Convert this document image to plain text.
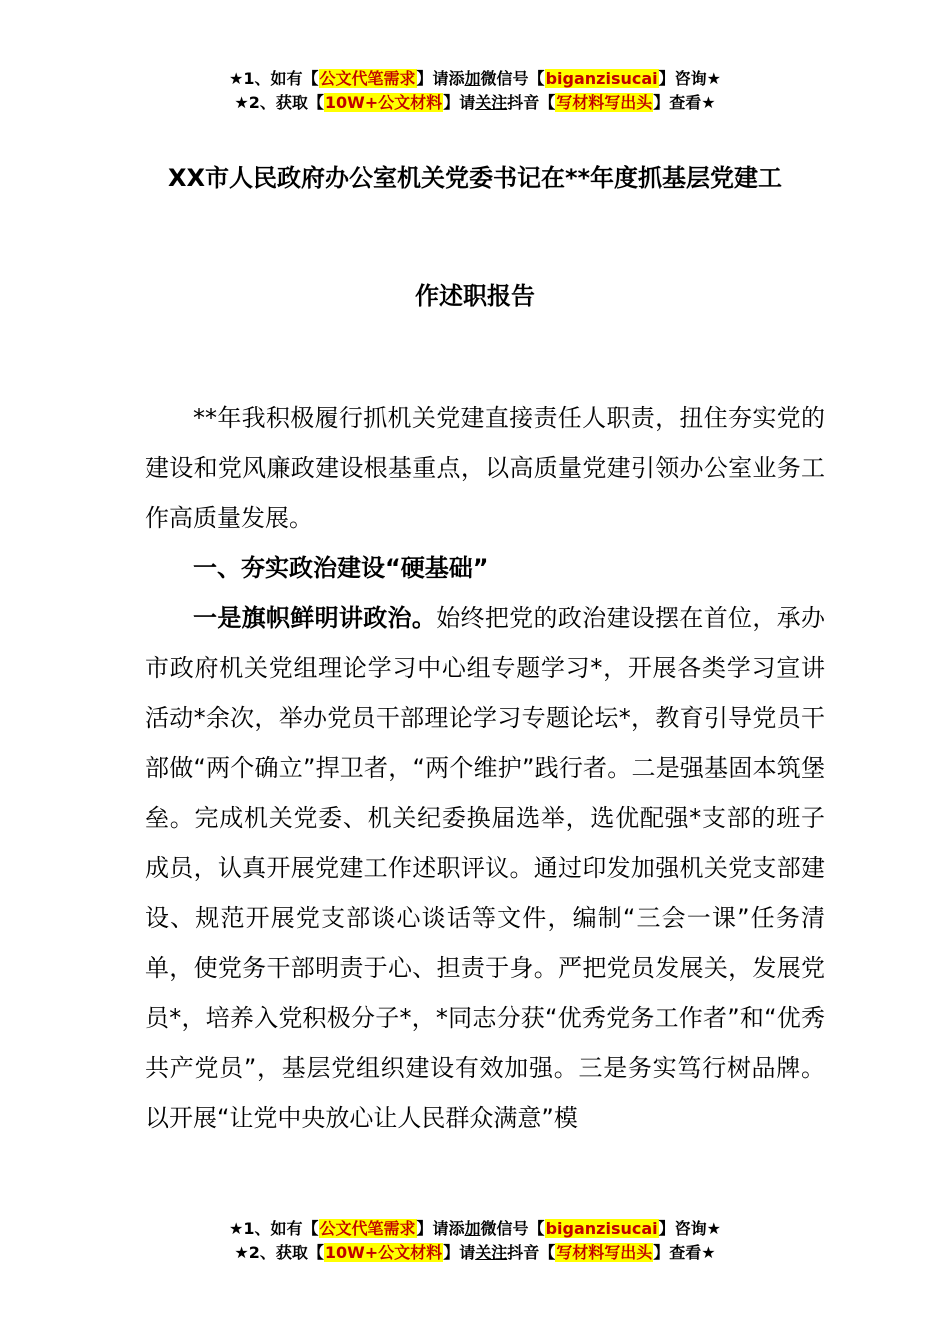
★1、如有【公文代笔需求】请添加微信号【biganzisucai】咨询★
★2、获取【10W+公文材料】请关注抖音【写材料写出头】查看★
XX市人民政府办公室机关党委书记在**年度抓基层党建工
作述职报告

**年我积极履行抓机关党建直接责任人职责，扭住夯实党的建设和党风廉政建设根基重点，以高质量党建引领办公室业务工作高质量发展。

一、夯实政治建设“硬基础”

一是旗帜鲜明讲政治。始终把党的政治建设摆在首位，承办市政府机关党组理论学习中心组专题学习*，开展各类学习宣讲活动*余次，举办党员干部理论学习专题论坛*，教育引导党员干部做“两个确立”捍卫者，“两个维护”践行者。二是强基固本筑堡垒。完成机关党委、机关纪委换届选举，选优配强*支部的班子成员，认真开展党建工作述职评议。通过印发加强机关党支部建设、规范开展党支部谈心谈话等文件，编制“三会一课”任务清单，使党务干部明责于心、担责于身。严把党员发展关，发展党员*，培养入党积极分子*，*同志分获“优秀党务工作者”和“优秀共产党员”，基层党组织建设有效加强。三是务实笃行树品牌。以开展“让党中央放心让人民群众满意”模

★1、如有【公文代笔需求】请添加微信号【biganzisucai】咨询★
★2、获取【10W+公文材料】请关注抖音【写材料写出头】查看★
